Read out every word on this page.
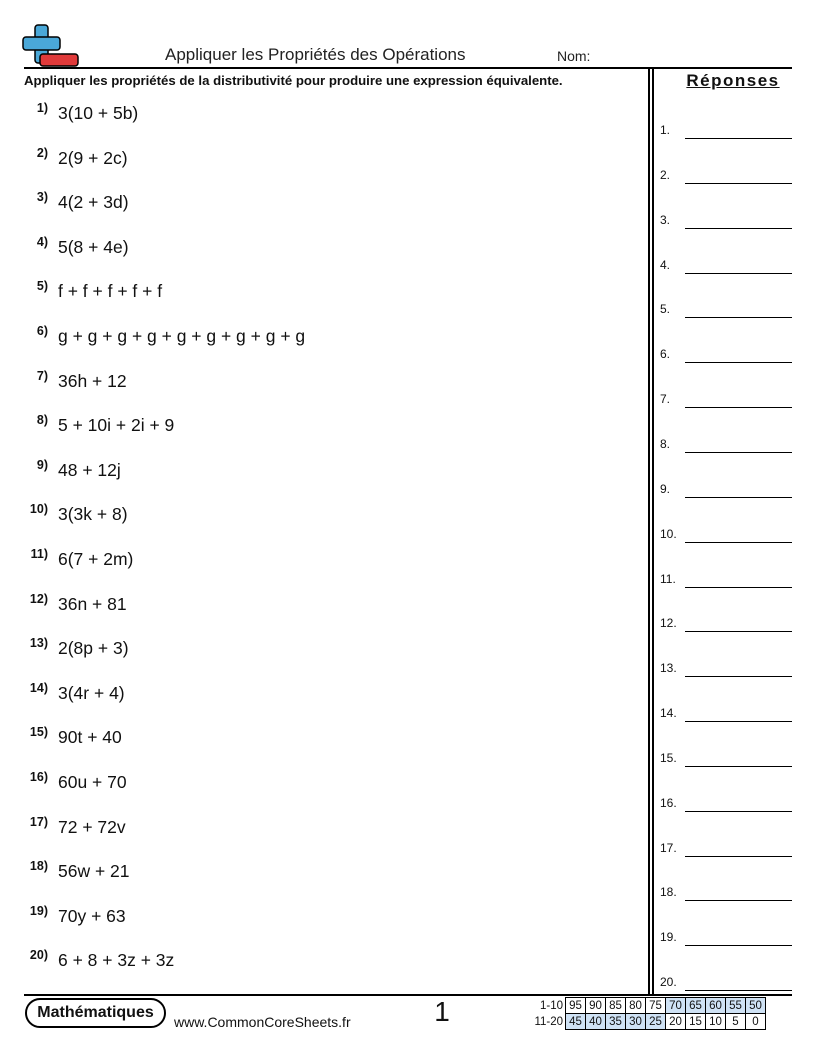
Appliquer les Propriétés des Opérations	Nom:
Appliquer les propriétés de la distributivité pour produire une expression équivalente.	Réponses
1) 3(10 + 5b)
2) 2(9 + 2c)
3) 4(2 + 3d)
4) 5(8 + 4e)
5) f + f + f + f + f
6) g + g + g + g + g + g + g + g + g
7) 36h + 12
8) 5 + 10i + 2i + 9
9) 48 + 12j
10) 3(3k + 8)
11) 6(7 + 2m)
12) 36n + 81
13) 2(8p + 3)
14) 3(4r + 4)
15) 90t + 40
16) 60u + 70
17) 72 + 72v
18) 56w + 21
19) 70y + 63
20) 6 + 8 + 3z + 3z
1.
2.
3.
4.
5.
6.
7.
8.
9.
10.
11.
12.
13.
14.
15.
16.
17.
18.
19.
20.
Mathématiques
www.CommonCoreSheets.fr	1	1-10	95	90	85	80	75	70	65	60	55	50
11-20	45	40	35	30	25	20	15	10	5	0
